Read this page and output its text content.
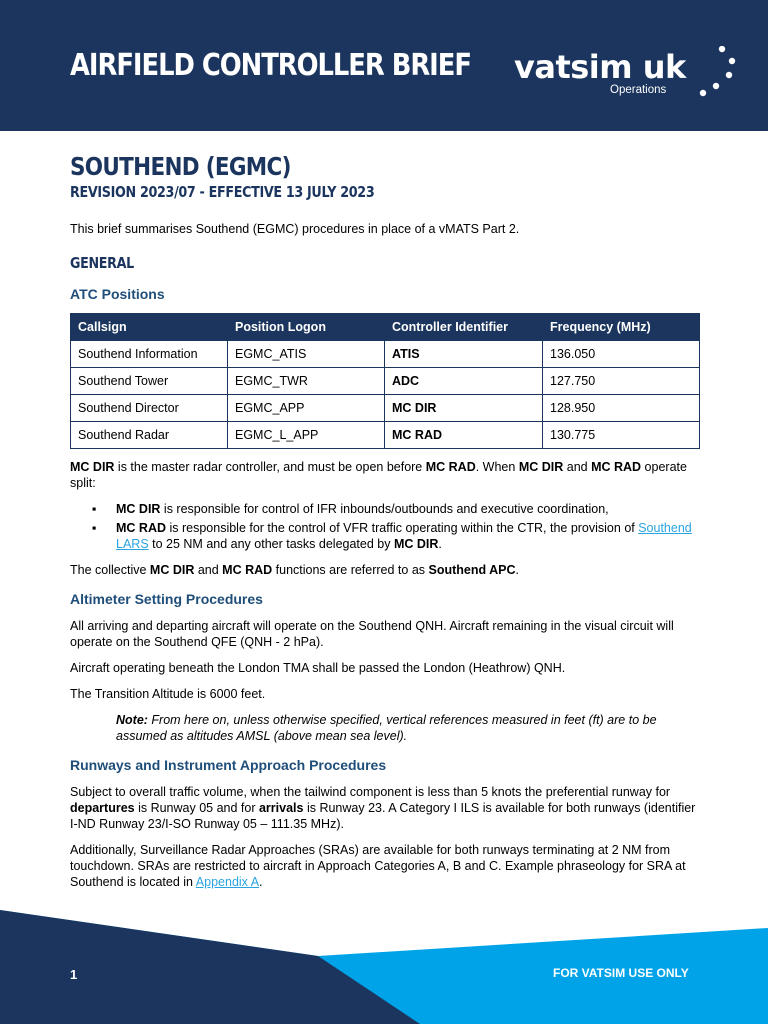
AIRFIELD CONTROLLER BRIEF vatsim uk
Operations
SOUTHEND (EGMC)
REVISION 2023/07 - EFFECTIVE 13 JULY 2023
This brief summarises Southend (EGMC) procedures in place of a vMATS Part 2.
GENERAL
ATC Positions
Callsign	Position Logon	Controller Identifier	Frequency (MHz)
Southend Information	EGMC_ATIS	ATIS	136.050
Southend Tower	EGMC_TWR	ADC	127.750
Southend Director	EGMC_APP	MC DIR	128.950
Southend Radar	EGMC_L_APP	MC RAD	130.775
MC DIR is the master radar controller, and must be open before MC RAD. When MC DIR and MC RAD operate split:
▪ MC DIR is responsible for control of IFR inbounds/outbounds and executive coordination,
▪ MC RAD is responsible for the control of VFR traffic operating within the CTR, the provision of Southend LARS to 25 NM and any other tasks delegated by MC DIR.
The collective MC DIR and MC RAD functions are referred to as Southend APC.
Altimeter Setting Procedures
All arriving and departing aircraft will operate on the Southend QNH. Aircraft remaining in the visual circuit will operate on the Southend QFE (QNH - 2 hPa).
Aircraft operating beneath the London TMA shall be passed the London (Heathrow) QNH.
The Transition Altitude is 6000 feet.
Note: From here on, unless otherwise specified, vertical references measured in feet (ft) are to be assumed as altitudes AMSL (above mean sea level).
Runways and Instrument Approach Procedures
Subject to overall traffic volume, when the tailwind component is less than 5 knots the preferential runway for departures is Runway 05 and for arrivals is Runway 23. A Category I ILS is available for both runways (identifier I-ND Runway 23/I-SO Runway 05 – 111.35 MHz).
Additionally, Surveillance Radar Approaches (SRAs) are available for both runways terminating at 2 NM from touchdown. SRAs are restricted to aircraft in Approach Categories A, B and C. Example phraseology for SRA at Southend is located in Appendix A.
1	FOR VATSIM USE ONLY
